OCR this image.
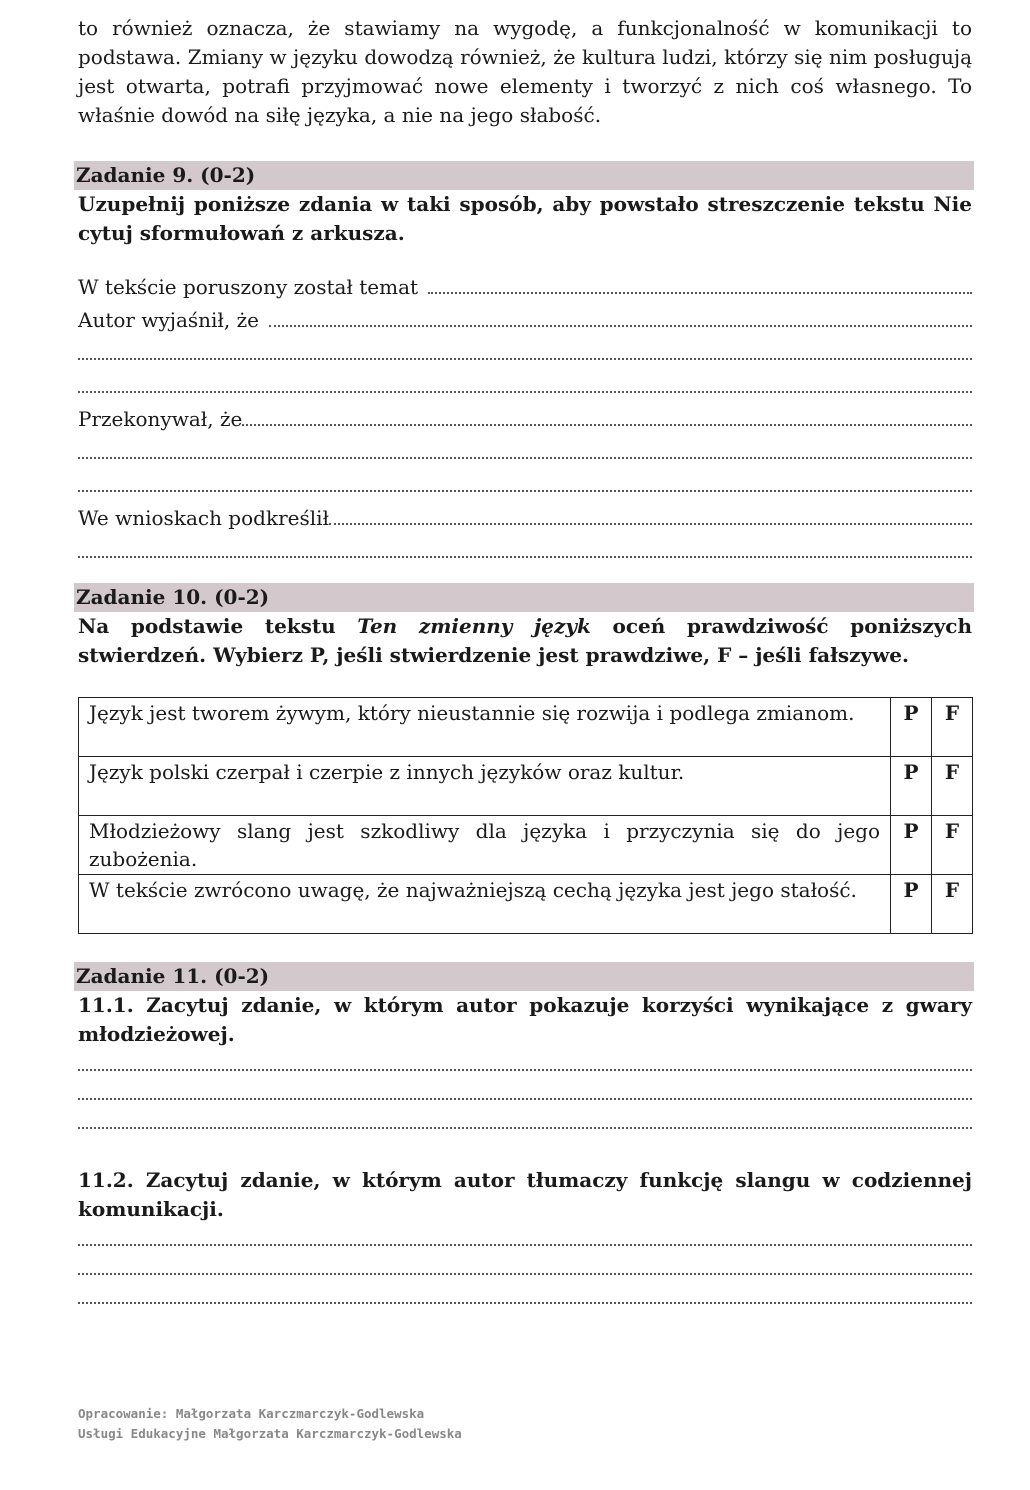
to również oznacza, że stawiamy na wygodę, a funkcjonalność w komunikacji to podstawa. Zmiany w języku dowodzą również, że kultura ludzi, którzy się nim posługują jest otwarta, potrafi przyjmować nowe elementy i tworzyć z nich coś własnego. To właśnie dowód na siłę języka, a nie na jego słabość.

Zadanie 9. (0-2)

Uzupełnij poniższe zdania w taki sposób, aby powstało streszczenie tekstu Nie cytuj sformułowań z arkusza.

W tekście poruszony został temat
Autor wyjaśnił, że
Przekonywał, że
We wnioskach podkreślił
Zadanie 10. (0-2)

Na podstawie tekstu Ten zmienny język oceń prawdziwość poniższych stwierdzeń. Wybierz P, jeśli stwierdzenie jest prawdziwe, F – jeśli fałszywe.

Język jest tworem żywym, który nieustannie się rozwija i podlega zmianom.	P	F
Język polski czerpał i czerpie z innych języków oraz kultur.	P	F
Młodzieżowy slang jest szkodliwy dla języka i przyczynia się do jego zubożenia.	P	F
W tekście zwrócono uwagę, że najważniejszą cechą języka jest jego stałość.	P	F
Zadanie 11. (0-2)

11.1. Zacytuj zdanie, w którym autor pokazuje korzyści wynikające z gwary młodzieżowej.

11.2. Zacytuj zdanie, w którym autor tłumaczy funkcję slangu w codziennej komunikacji.

Opracowanie: Małgorzata Karczmarczyk-Godlewska
Usługi Edukacyjne Małgorzata Karczmarczyk-Godlewska
